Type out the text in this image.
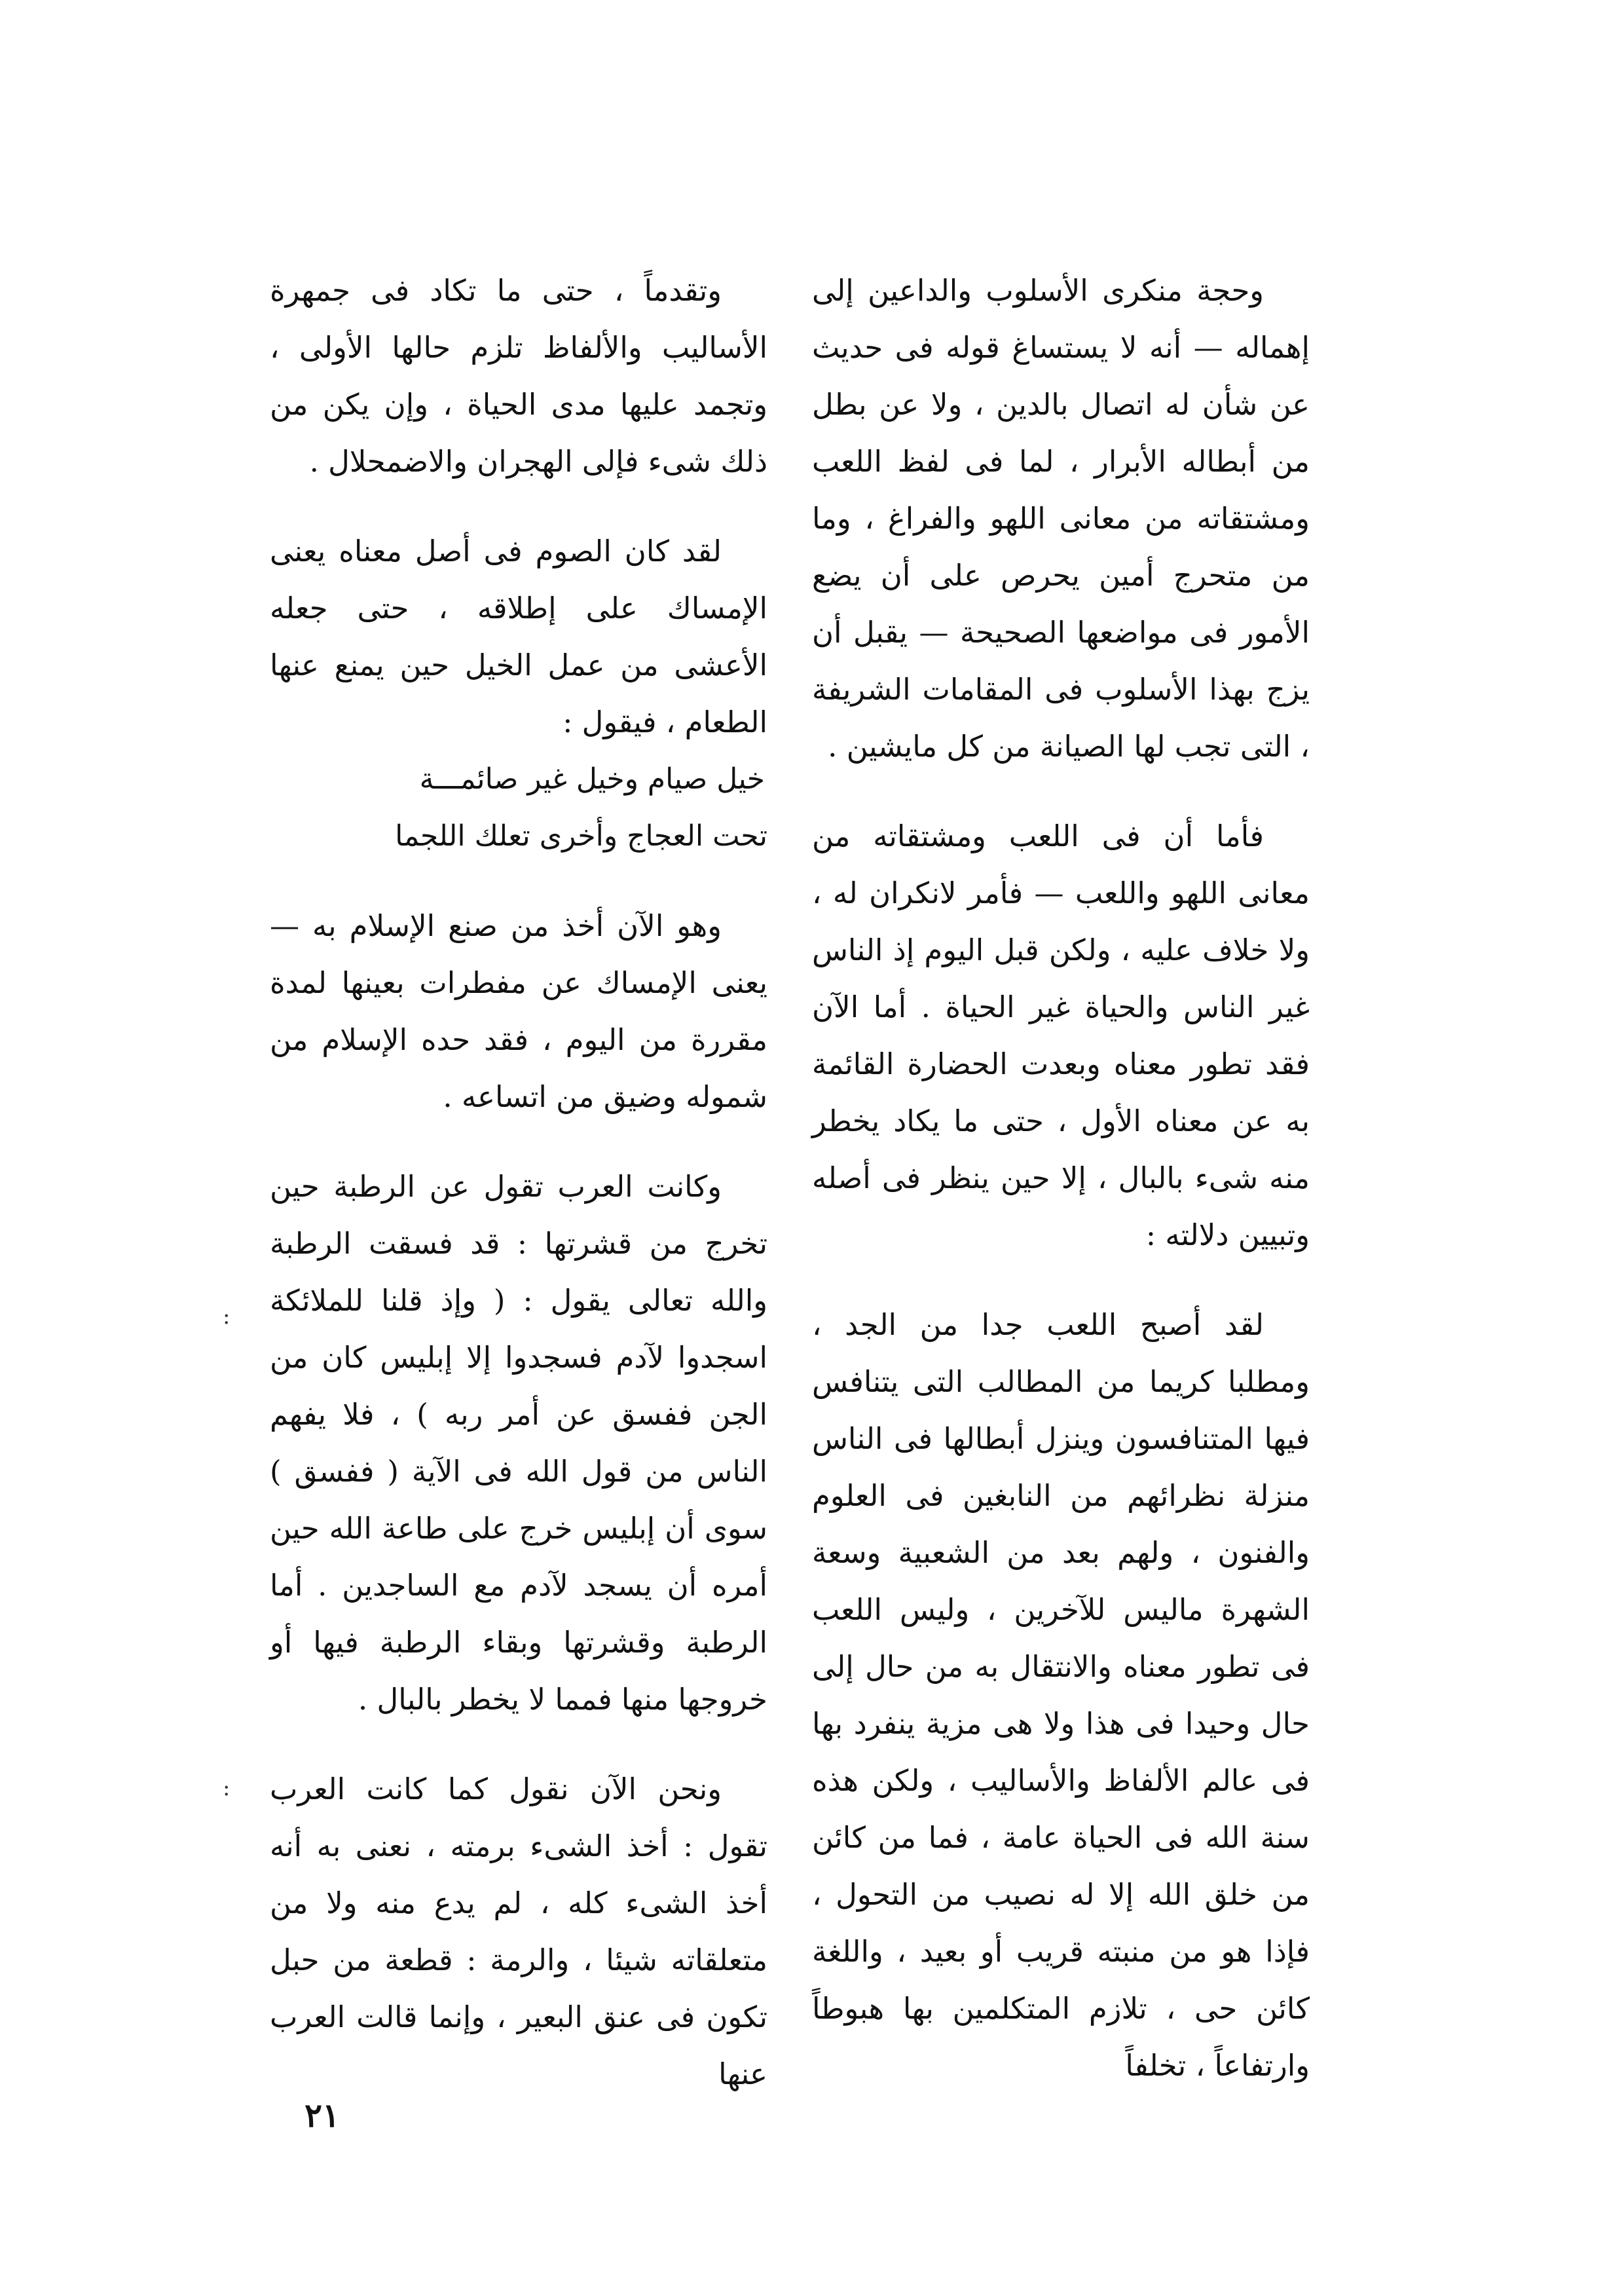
وحجة منكرى الأسلوب والداعين إلى إهماله — أنه لا يستساغ قوله فى حديث عن شأن له اتصال بالدين ، ولا عن بطل من أبطاله الأبرار ، لما فى لفظ اللعب ومشتقاته من معانى اللهو والفراغ ، وما من متحرج أمين يحرص على أن يضع الأمور فى مواضعها الصحيحة — يقبل أن يزج بهذا الأسلوب فى المقامات الشريفة ، التى تجب لها الصيانة من كل مايشين .

فأما أن فى اللعب ومشتقاته من معانى اللهو واللعب — فأمر لانكران له ، ولا خلاف عليه ، ولكن قبل اليوم إذ الناس غير الناس والحياة غير الحياة . أما الآن فقد تطور معناه وبعدت الحضارة القائمة به عن معناه الأول ، حتى ما يكاد يخطر منه شىء بالبال ، إلا حين ينظر فى أصله وتبيين دلالته :

لقد أصبح اللعب جدا من الجد ، ومطلبا كريما من المطالب التى يتنافس فيها المتنافسون وينزل أبطالها فى الناس منزلة نظرائهم من النابغين فى العلوم والفنون ، ولهم بعد من الشعبية وسعة الشهرة ماليس للآخرين ، وليس اللعب فى تطور معناه والانتقال به من حال إلى حال وحيدا فى هذا ولا هى مزية ينفرد بها فى عالم الألفاظ والأساليب ، ولكن هذه سنة الله فى الحياة عامة ، فما من كائن من خلق الله إلا له نصيب من التحول ، فإذا هو من منبته قريب أو بعيد ، واللغة كائن حى ، تلازم المتكلمين بها هبوطاً وارتفاعاً ، تخلفاً

وتقدماً ، حتى ما تكاد فى جمهرة الأساليب والألفاظ تلزم حالها الأولى ، وتجمد عليها مدى الحياة ، وإن يكن من ذلك شىء فإلى الهجران والاضمحلال .

لقد كان الصوم فى أصل معناه يعنى الإمساك على إطلاقه ، حتى جعله الأعشى من عمل الخيل حين يمنع عنها الطعام ، فيقول :

خيل صيام وخيل غير صائمـــة

تحت العجاج وأخرى تعلك اللجما

وهو الآن أخذ من صنع الإسلام به — يعنى الإمساك عن مفطرات بعينها لمدة مقررة من اليوم ، فقد حده الإسلام من شموله وضيق من اتساعه .

وكانت العرب تقول عن الرطبة حين تخرج من قشرتها : قد فسقت الرطبة والله تعالى يقول : ( وإذ قلنا للملائكة اسجدوا لآدم فسجدوا إلا إبليس كان من الجن ففسق عن أمر ربه ) ، فلا يفهم الناس من قول الله فى الآية ( ففسق ) سوى أن إبليس خرج على طاعة الله حين أمره أن يسجد لآدم مع الساجدين . أما الرطبة وقشرتها وبقاء الرطبة فيها أو خروجها منها فمما لا يخطر بالبال .

ونحن الآن نقول كما كانت العرب تقول : أخذ الشىء برمته ، نعنى به أنه أخذ الشىء كله ، لم يدع منه ولا من متعلقاته شيئا ، والرمة : قطعة من حبل تكون فى عنق البعير ، وإنما قالت العرب عنها

:
:
٢١
